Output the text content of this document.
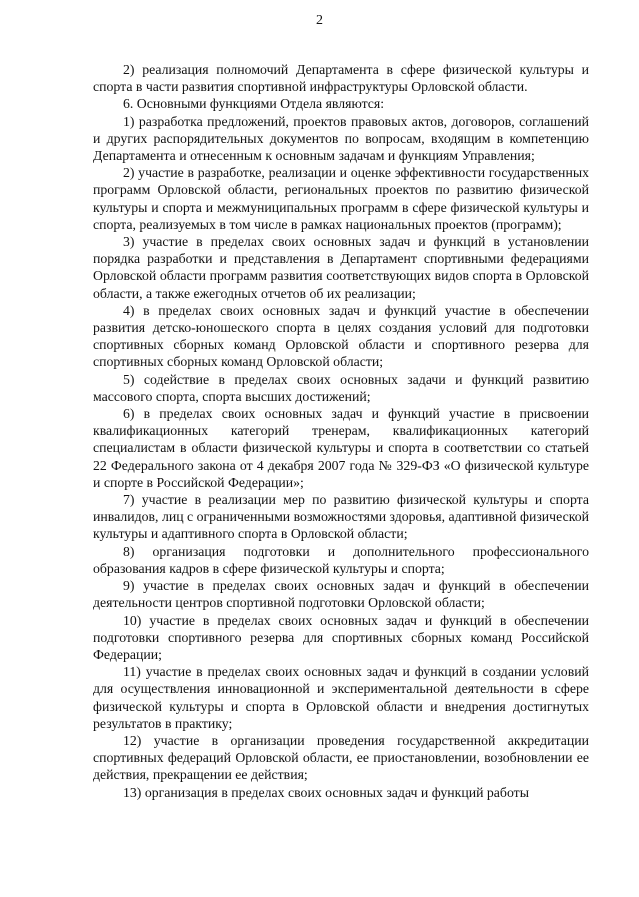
2

2) реализация полномочий Департамента в сфере физической культуры и спорта в части развития спортивной инфраструктуры Орловской области.

6. Основными функциями Отдела являются:

1) разработка предложений, проектов правовых актов, договоров, соглашений и других распорядительных документов по вопросам, входящим в компетенцию Департамента и отнесенным к основным задачам и функциям Управления;

2) участие в разработке, реализации и оценке эффективности государственных программ Орловской области, региональных проектов по развитию физической культуры и спорта и межмуниципальных программ в сфере физической культуры и спорта, реализуемых в том числе в рамках национальных проектов (программ);

3) участие в пределах своих основных задач и функций в установлении порядка разработки и представления в Департамент спортивными федерациями Орловской области программ развития соответствующих видов спорта в Орловской области, а также ежегодных отчетов об их реализации;

4) в пределах своих основных задач и функций участие в обеспечении развития детско-юношеского спорта в целях создания условий для подготовки спортивных сборных команд Орловской области и спортивного резерва для спортивных сборных команд Орловской области;

5) содействие в пределах своих основных задачи и функций развитию массового спорта, спорта высших достижений;

6) в пределах своих основных задач и функций участие в присвоении квалификационных категорий тренерам, квалификационных категорий специалистам в области физической культуры и спорта в соответствии со статьей 22 Федерального закона от 4 декабря 2007 года № 329-ФЗ «О физической культуре и спорте в Российской Федерации»;

7) участие в реализации мер по развитию физической культуры и спорта инвалидов, лиц с ограниченными возможностями здоровья, адаптивной физической культуры и адаптивного спорта в Орловской области;

8) организация подготовки и дополнительного профессионального образования кадров в сфере физической культуры и спорта;

9) участие в пределах своих основных задач и функций в обеспечении деятельности центров спортивной подготовки Орловской области;

10) участие в пределах своих основных задач и функций в обеспечении подготовки спортивного резерва для спортивных сборных команд Российской Федерации;

11) участие в пределах своих основных задач и функций в создании условий для осуществления инновационной и экспериментальной деятельности в сфере физической культуры и спорта в Орловской области и внедрения достигнутых результатов в практику;

12) участие в организации проведения государственной аккредитации спортивных федераций Орловской области, ее приостановлении, возобновлении ее действия, прекращении ее действия;

13) организация в пределах своих основных задач и функций работы
